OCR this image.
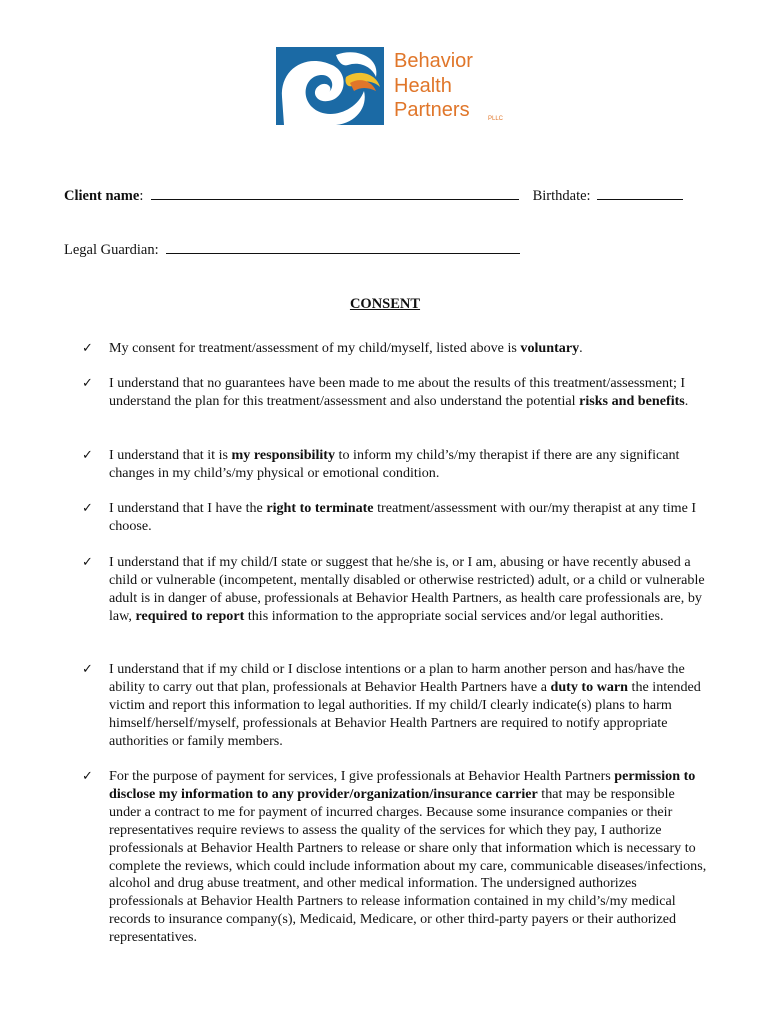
Behavior
Health
Partners	PLLC
Client name:	Birthdate:
Legal Guardian:
CONSENT
✓ My consent for treatment/assessment of my child/myself, listed above is voluntary.
✓ I understand that no guarantees have been made to me about the results of this treatment/assessment; I understand the plan for this treatment/assessment and also understand the potential risks and benefits.
✓ I understand that it is my responsibility to inform my child’s/my therapist if there are any significant changes in my child’s/my physical or emotional condition.
✓ I understand that I have the right to terminate treatment/assessment with our/my therapist at any time I choose.
✓ I understand that if my child/I state or suggest that he/she is, or I am, abusing or have recently abused a child or vulnerable (incompetent, mentally disabled or otherwise restricted) adult, or a child or vulnerable adult is in danger of abuse, professionals at Behavior Health Partners, as health care professionals are, by law, required to report this information to the appropriate social services and/or legal authorities.
✓ I understand that if my child or I disclose intentions or a plan to harm another person and has/have the ability to carry out that plan, professionals at Behavior Health Partners have a duty to warn the intended victim and report this information to legal authorities. If my child/I clearly indicate(s) plans to harm himself/herself/myself, professionals at Behavior Health Partners are required to notify appropriate authorities or family members.
✓ For the purpose of payment for services, I give professionals at Behavior Health Partners permission to disclose my information to any provider/organization/insurance carrier that may be responsible under a contract to me for payment of incurred charges. Because some insurance companies or their representatives require reviews to assess the quality of the services for which they pay, I authorize professionals at Behavior Health Partners to release or share only that information which is necessary to complete the reviews, which could include information about my care, communicable diseases/infections, alcohol and drug abuse treatment, and other medical information. The undersigned authorizes professionals at Behavior Health Partners to release information contained in my child’s/my medical records to insurance company(s), Medicaid, Medicare, or other third-party payers or their authorized representatives.
